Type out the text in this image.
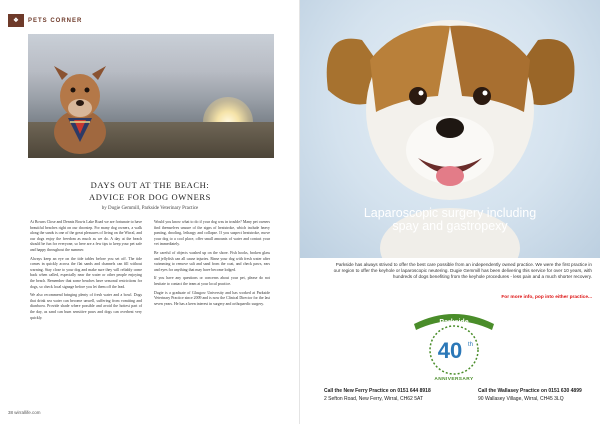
❖	PETS CORNER
DAYS OUT AT THE BEACH:
ADVICE FOR DOG OWNERS
by Dugie Gemmill, Parkside Veterinary Practice

At Bowns Close and Dennis Bowis Lake Road we are fortunate to have beautiful beaches right on our doorstep. For many dog owners, a walk along the sands is one of the great pleasures of living on the Wirral, and our dogs enjoy the freedom as much as we do. A day at the beach should be fun for everyone, so here are a few tips to keep your pet safe and happy throughout the summer.

Always keep an eye on the tide tables before you set off. The tide comes in quickly across the flat sands and channels can fill without warning. Stay close to your dog and make sure they will reliably come back when called, especially near the water or other people enjoying the beach. Remember that some beaches have seasonal restrictions for dogs, so check local signage before you let them off the lead.

We also recommend bringing plenty of fresh water and a bowl. Dogs that drink sea water can become unwell, suffering from vomiting and diarrhoea. Provide shade where possible and avoid the hottest part of the day, as sand can burn sensitive paws and dogs can overheat very quickly.

Would you know what to do if your dog was in trouble? Many pet owners find themselves unsure of the signs of heatstroke, which include heavy panting, drooling, lethargy and collapse. If you suspect heatstroke, move your dog to a cool place, offer small amounts of water and contact your vet immediately.

Be careful of objects washed up on the shore. Fish hooks, broken glass and jellyfish can all cause injuries. Rinse your dog with fresh water after swimming to remove salt and sand from the coat, and check paws, ears and eyes for anything that may have become lodged.

If you have any questions or concerns about your pet, please do not hesitate to contact the team at your local practice.

Dugie is a graduate of Glasgow University and has worked at Parkside Veterinary Practice since 2009 and is now the Clinical Director for the last seven years. He has a keen interest in surgery and orthopaedic surgery.

38 wirrallife.com
Laparoscopic surgery including
spay and gastropexy
Parkside has always strived to offer the best care possible from an independently owned practice. We were the first practice in our region to offer the keyhole or laparoscopic neutering. Dugie Gemmill has been delivering this service for over 10 years, with hundreds of dogs benefiting from the keyhole procedures - less pain and a much shorter recovery.
For more info, pop into either practice...
Parkside
40 th
ANNIVERSARY
Call the New Ferry Practice on 0151 644 8918
2 Sefton Road, New Ferry, Wirral, CH62 5AT
Call the Wallasey Practice on 0151 630 4899
90 Wallasey Village, Wirral, CH45 3LQ
